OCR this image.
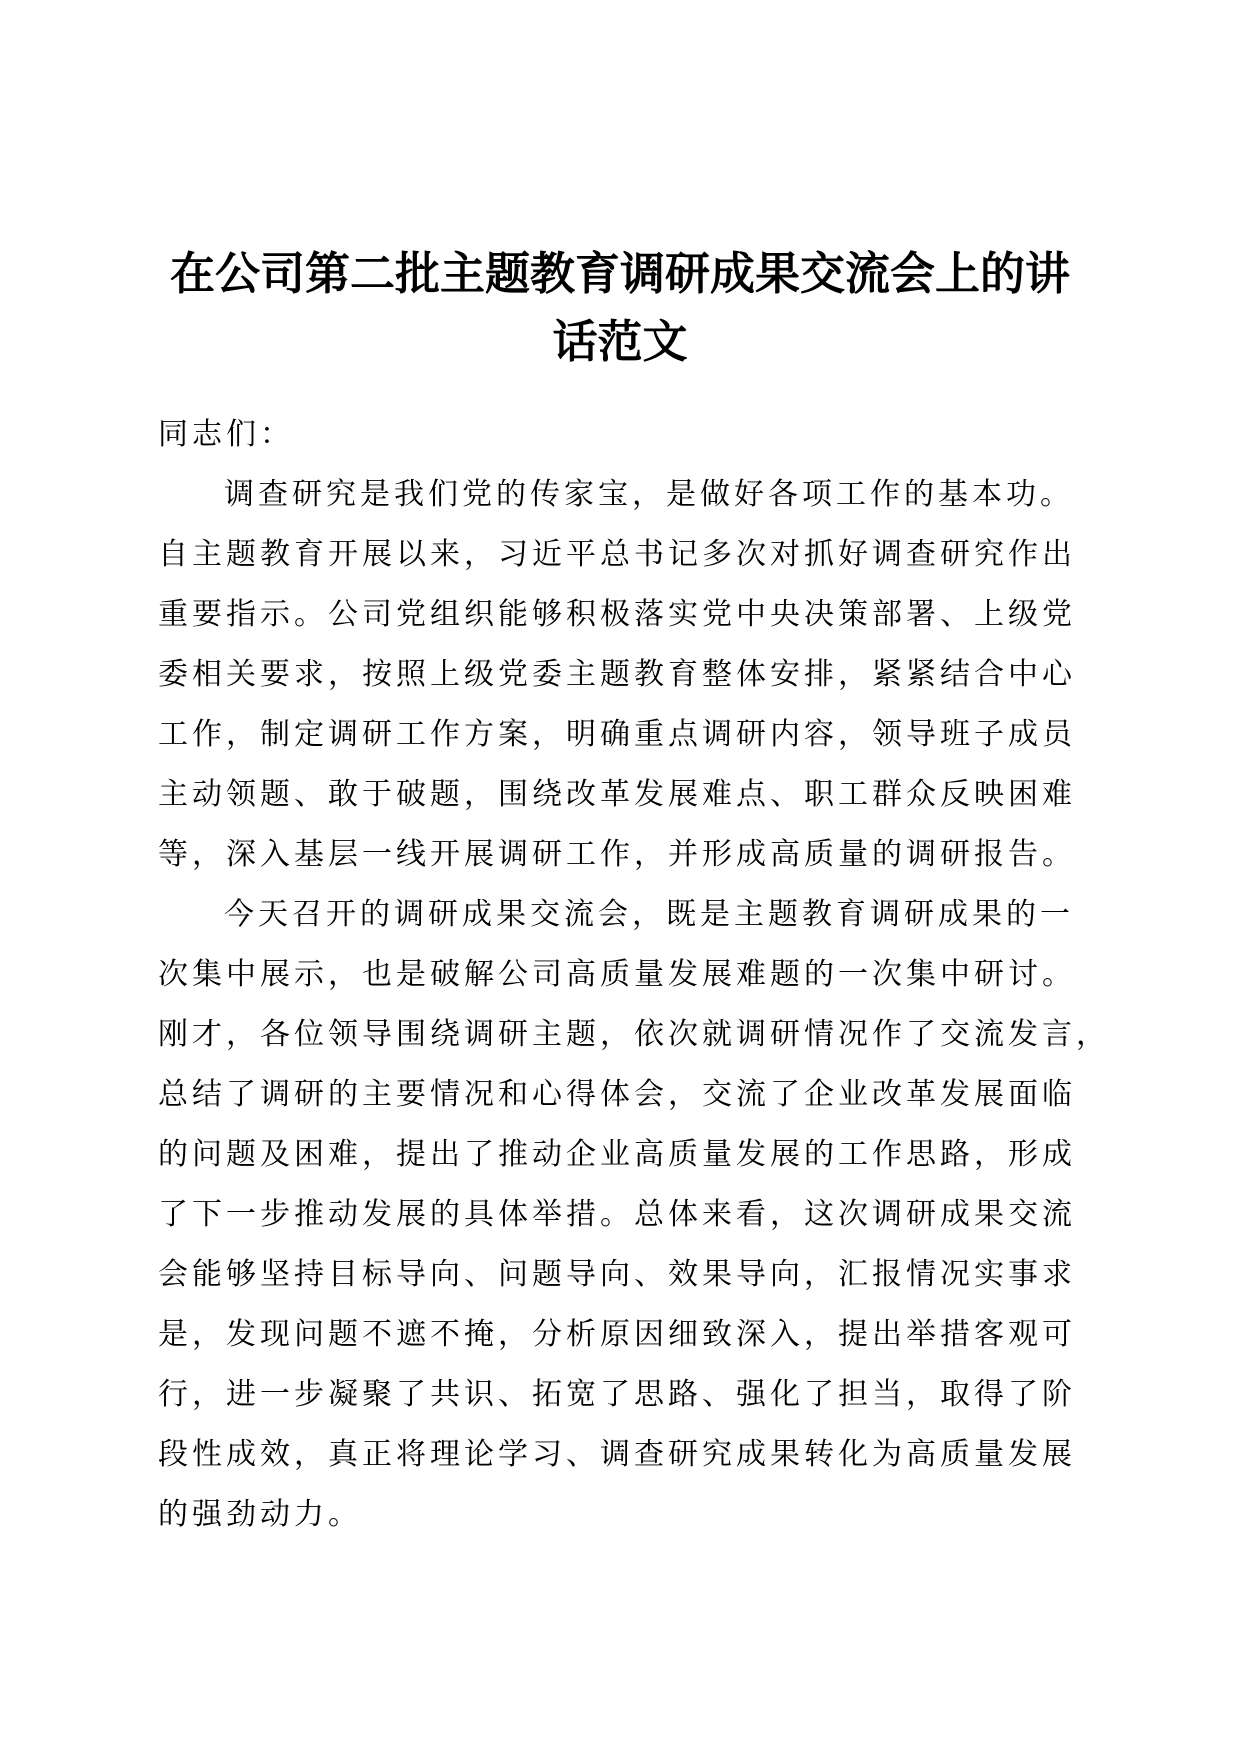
在公司第二批主题教育调研成果交流会上的讲
话范文
同志们：
调查研究是我们党的传家宝，是做好各项工作的基本功。
自主题教育开展以来，习近平总书记多次对抓好调查研究作出
重要指示。公司党组织能够积极落实党中央决策部署、上级党
委相关要求，按照上级党委主题教育整体安排，紧紧结合中心
工作，制定调研工作方案，明确重点调研内容，领导班子成员
主动领题、敢于破题，围绕改革发展难点、职工群众反映困难
等，深入基层一线开展调研工作，并形成高质量的调研报告。
今天召开的调研成果交流会，既是主题教育调研成果的一
次集中展示，也是破解公司高质量发展难题的一次集中研讨。
刚才，各位领导围绕调研主题，依次就调研情况作了交流发言，
总结了调研的主要情况和心得体会，交流了企业改革发展面临
的问题及困难，提出了推动企业高质量发展的工作思路，形成
了下一步推动发展的具体举措。总体来看，这次调研成果交流
会能够坚持目标导向、问题导向、效果导向，汇报情况实事求
是，发现问题不遮不掩，分析原因细致深入，提出举措客观可
行，进一步凝聚了共识、拓宽了思路、强化了担当，取得了阶
段性成效，真正将理论学习、调查研究成果转化为高质量发展
的强劲动力。
